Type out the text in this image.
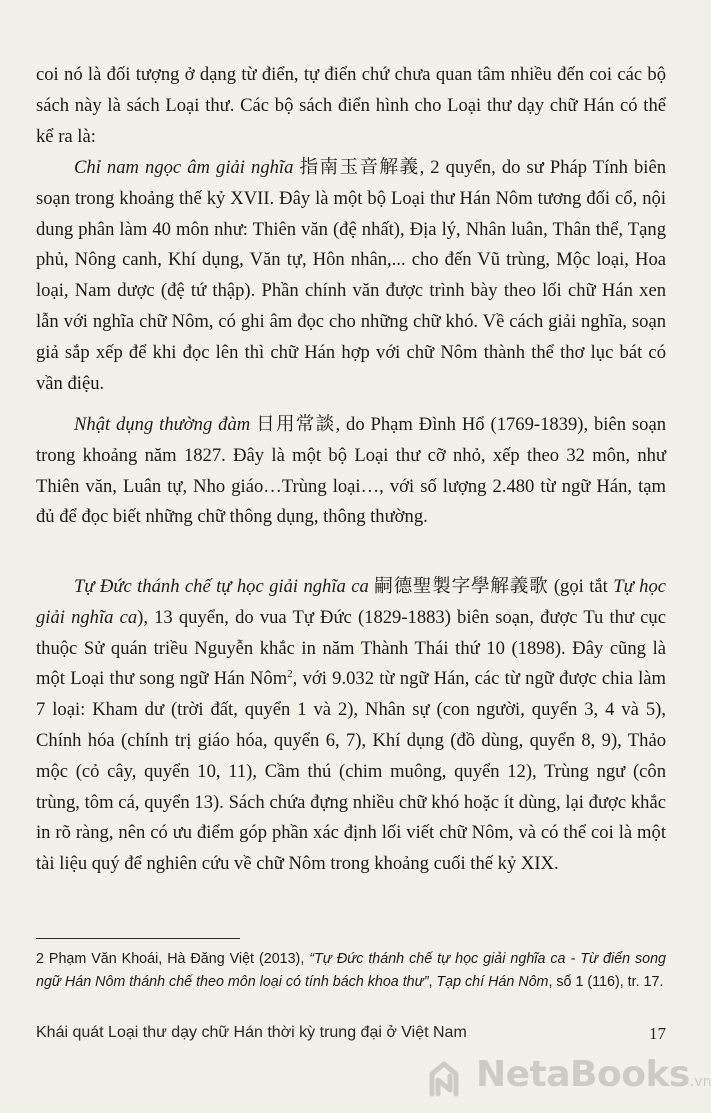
coi nó là đối tượng ở dạng từ điển, tự điển chứ chưa quan tâm nhiều đến coi các bộ sách này là sách Loại thư. Các bộ sách điển hình cho Loại thư dạy chữ Hán có thể kể ra là:

Chỉ nam ngọc âm giải nghĩa 指南玉音解義, 2 quyển, do sư Pháp Tính biên soạn trong khoảng thế kỷ XVII. Đây là một bộ Loại thư Hán Nôm tương đối cổ, nội dung phân làm 40 môn như: Thiên văn (đệ nhất), Địa lý, Nhân luân, Thân thể, Tạng phủ, Nông canh, Khí dụng, Văn tự, Hôn nhân,... cho đến Vũ trùng, Mộc loại, Hoa loại, Nam dược (đệ tứ thập). Phần chính văn được trình bày theo lối chữ Hán xen lẫn với nghĩa chữ Nôm, có ghi âm đọc cho những chữ khó. Về cách giải nghĩa, soạn giả sắp xếp để khi đọc lên thì chữ Hán hợp với chữ Nôm thành thể thơ lục bát có vần điệu.

Nhật dụng thường đàm 日用常談, do Phạm Đình Hổ (1769-1839), biên soạn trong khoảng năm 1827. Đây là một bộ Loại thư cỡ nhỏ, xếp theo 32 môn, như Thiên văn, Luân tự, Nho giáo…Trùng loại…, với số lượng 2.480 từ ngữ Hán, tạm đủ để đọc biết những chữ thông dụng, thông thường.

Tự Đức thánh chế tự học giải nghĩa ca 嗣德聖製字學解義歌 (gọi tắt Tự học giải nghĩa ca), 13 quyển, do vua Tự Đức (1829-1883) biên soạn, được Tu thư cục thuộc Sử quán triều Nguyễn khắc in năm Thành Thái thứ 10 (1898). Đây cũng là một Loại thư song ngữ Hán Nôm$^2$, với 9.032 từ ngữ Hán, các từ ngữ được chia làm 7 loại: Kham dư (trời đất, quyển 1 và 2), Nhân sự (con người, quyển 3, 4 và 5), Chính hóa (chính trị giáo hóa, quyển 6, 7), Khí dụng (đồ dùng, quyển 8, 9), Thảo mộc (cỏ cây, quyển 10, 11), Cầm thú (chim muông, quyển 12), Trùng ngư (côn trùng, tôm cá, quyển 13). Sách chứa đựng nhiều chữ khó hoặc ít dùng, lại được khắc in rõ ràng, nên có ưu điểm góp phần xác định lối viết chữ Nôm, và có thể coi là một tài liệu quý để nghiên cứu về chữ Nôm trong khoảng cuối thế kỷ XIX.

2 Phạm Văn Khoái, Hà Đăng Việt (2013), “Tự Đức thánh chế tự học giải nghĩa ca - Từ điển song ngữ Hán Nôm thánh chế theo môn loại có tính bách khoa thư”, Tạp chí Hán Nôm, số 1 (116), tr. 17.
Khái quát Loại thư dạy chữ Hán thời kỳ trung đại ở Việt Nam	17
NetaBooks.vn
